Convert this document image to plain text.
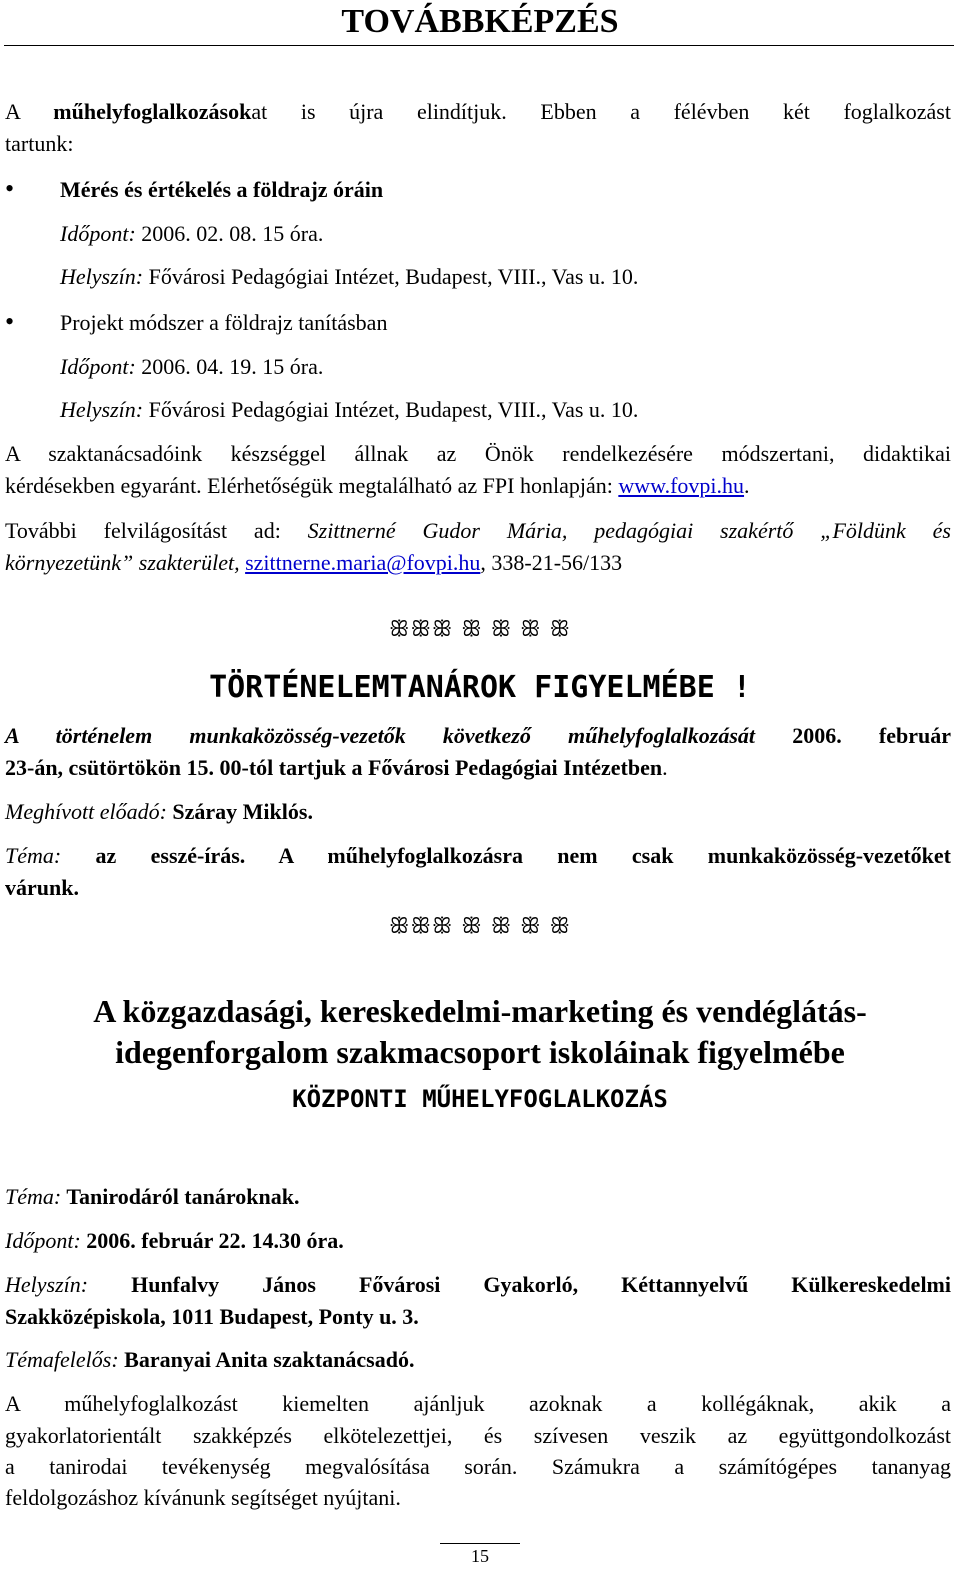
TOVÁBBKÉPZÉS
A műhelyfoglalkozásokat is újra elindítjuk. Ebben a félévben két foglalkozást
tartunk:
• Mérés és értékelés a földrajz óráin
Időpont: 2006. 02. 08. 15 óra.
Helyszín: Fővárosi Pedagógiai Intézet, Budapest, VIII., Vas u. 10.
• Projekt módszer a földrajz tanításban
Időpont: 2006. 04. 19. 15 óra.
Helyszín: Fővárosi Pedagógiai Intézet, Budapest, VIII., Vas u. 10.
A szaktanácsadóink készséggel állnak az Önök rendelkezésére módszertani, didaktikai
kérdésekben egyaránt. Elérhetőségük megtalálható az FPI honlapján: www.fovpi.hu.
További felvilágosítást ad: Szittnerné Gudor Mária, pedagógiai szakértő „Földünk és
környezetünk” szakterület, szittnerne.maria@fovpi.hu, 338-21-56/133
ꕥꕥꕥ ꕥ ꕥ ꕥ ꕥ
TÖRTÉNELEMTANÁROK FIGYELMÉBE !
A történelem munkaközösség-vezetők következő műhelyfoglalkozását 2006. február
23-án, csütörtökön 15. 00-tól tartjuk a Fővárosi Pedagógiai Intézetben.
Meghívott előadó: Száray Miklós.
Téma: az esszé-írás. A műhelyfoglalkozásra nem csak munkaközösség-vezetőket
várunk.
ꕥꕥꕥ ꕥ ꕥ ꕥ ꕥ
A közgazdasági, kereskedelmi-marketing és vendéglátás-
idegenforgalom szakmacsoport iskoláinak figyelmébe
KÖZPONTI MŰHELYFOGLALKOZÁS
Téma: Tanirodáról tanároknak.
Időpont: 2006. február 22. 14.30 óra.
Helyszín: Hunfalvy János Fővárosi Gyakorló, Kéttannyelvű Külkereskedelmi
Szakközépiskola, 1011 Budapest, Ponty u. 3.
Témafelelős: Baranyai Anita szaktanácsadó.
A műhelyfoglalkozást kiemelten ajánljuk azoknak a kollégáknak, akik a
gyakorlatorientált szakképzés elkötelezettjei, és szívesen veszik az együttgondolkozást
a tanirodai tevékenység megvalósítása során. Számukra a számítógépes tananyag
feldolgozáshoz kívánunk segítséget nyújtani.
15
